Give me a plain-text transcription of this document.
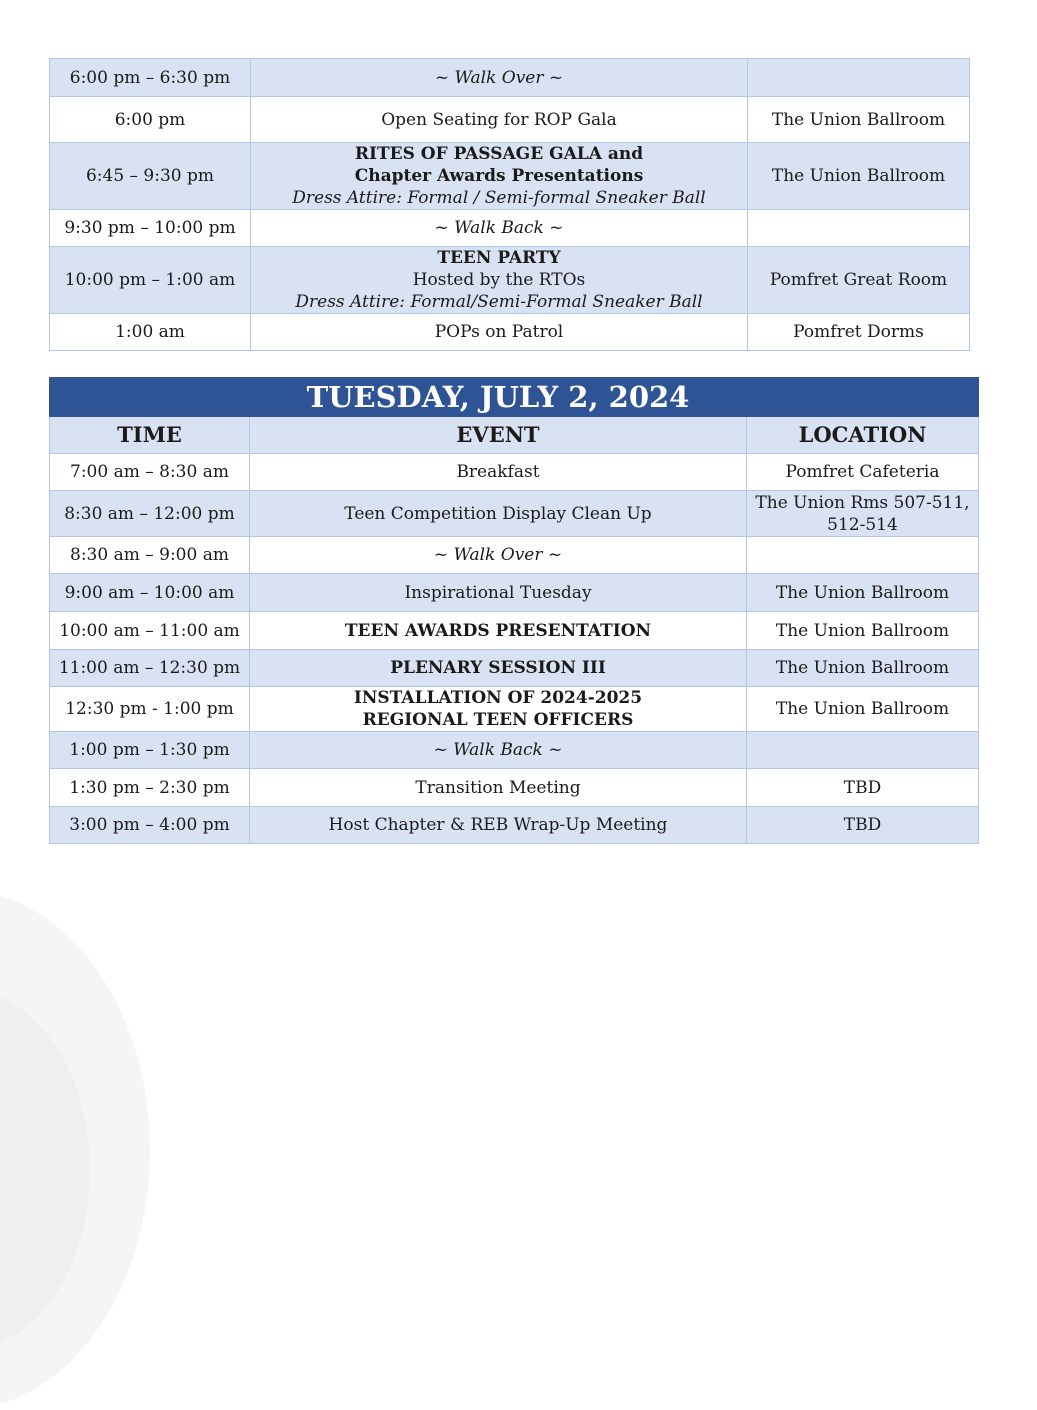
6:00 pm – 6:30 pm	~ Walk Over ~	
6:00 pm	Open Seating for ROP Gala	The Union Ballroom
6:45 – 9:30 pm	RITES OF PASSAGE GALA and
Chapter Awards Presentations
Dress Attire: Formal / Semi-formal Sneaker Ball	The Union Ballroom
9:30 pm – 10:00 pm	~ Walk Back ~	
10:00 pm – 1:00 am	TEEN PARTY
Hosted by the RTOs
Dress Attire: Formal/Semi-Formal Sneaker Ball	Pomfret Great Room
1:00 am	POPs on Patrol	Pomfret Dorms
	TUESDAY, JULY 2, 2024	
TIME	EVENT	LOCATION
7:00 am – 8:30 am	Breakfast	Pomfret Cafeteria
8:30 am – 12:00 pm	Teen Competition Display Clean Up	The Union Rms 507-511,
512-514

8:30 am – 9:00 am	~ Walk Over ~	
9:00 am – 10:00 am	Inspirational Tuesday	The Union Ballroom
10:00 am – 11:00 am	TEEN AWARDS PRESENTATION	The Union Ballroom
11:00 am – 12:30 pm	PLENARY SESSION III	The Union Ballroom
12:30 pm - 1:00 pm	INSTALLATION OF 2024-2025
REGIONAL TEEN OFFICERS	The Union Ballroom
1:00 pm – 1:30 pm	~ Walk Back ~	
1:30 pm – 2:30 pm	Transition Meeting	TBD
3:00 pm – 4:00 pm	Host Chapter & REB Wrap-Up Meeting	TBD
